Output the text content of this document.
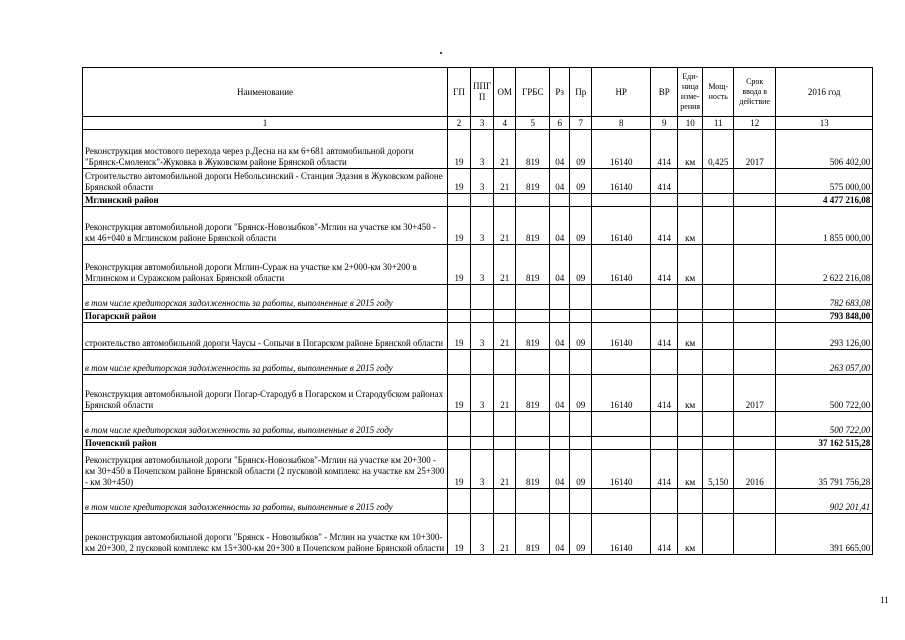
Наименование	ГП	ППГ П	ОМ	ГРБС	Рз	Пр	НР	ВР	Еди- ница изме- рения	Мощ- ность	Срок ввода в действие	2016 год
1	2	3	4	5	6	7	8	9	10	11	12	13
Реконструкция мостового перехода через р.Десна на км 6+681 автомобильной дороги "Брянск-Смоленск"-Жуковка в Жуковском районе Брянской области	19	3	21	819	04	09	16140	414	км	0,425	2017	506 402,00
Строительство автомобильной дороги Небольсинский - Станция Эдазия в Жуковском районе Брянской области	19	3	21	819	04	09	16140	414				575 000,00
Мглинский район												4 477 216,08
Реконструкция автомобильной дороги "Брянск-Новозыбков"-Мглин на участке км 30+450 - км 46+040 в Мглинском районе Брянской области	19	3	21	819	04	09	16140	414	км			1 855 000,00
Реконструкция автомобильной дороги Мглин-Сураж на участке км 2+000-км 30+200 в Мглинском и Суражском районах Брянской области	19	3	21	819	04	09	16140	414	км			2 622 216,08
в том числе кредиторская задолженность за работы, выполненные в 2015 году												782 683,08
Погарский район												793 848,00
строительство автомобильной дороги Чаусы - Сопычи в Погарском районе Брянской области	19	3	21	819	04	09	16140	414	км			293 126,00
в том числе кредиторская задолженность за работы, выполненные в 2015 году												263 057,00
Реконструкция автомобильной дороги Погар-Стародуб в Погарском и Стародубском районах Брянской области	19	3	21	819	04	09	16140	414	км		2017	500 722,00
в том числе кредиторская задолженность за работы, выполненные в 2015 году												500 722,00
Почепский район												37 162 515,28
Реконструкция автомобильной дороги "Брянск-Новозыбков"-Мглин на участке км 20+300 - км 30+450 в Почепском районе Брянской области (2 пусковой комплекс на участке км 25+300 - км 30+450)	19	3	21	819	04	09	16140	414	км	5,150	2016	35 791 756,28
в том числе кредиторская задолженность за работы, выполненные в 2015 году												902 201,41
реконструкция автомобильной дороги "Брянск - Новозыбков" - Мглин на участке км 10+300-км 20+300, 2 пусковой комплекс км 15+300-км 20+300 в Почепском районе Брянской области	19	3	21	819	04	09	16140	414	км			391 665,00
11
